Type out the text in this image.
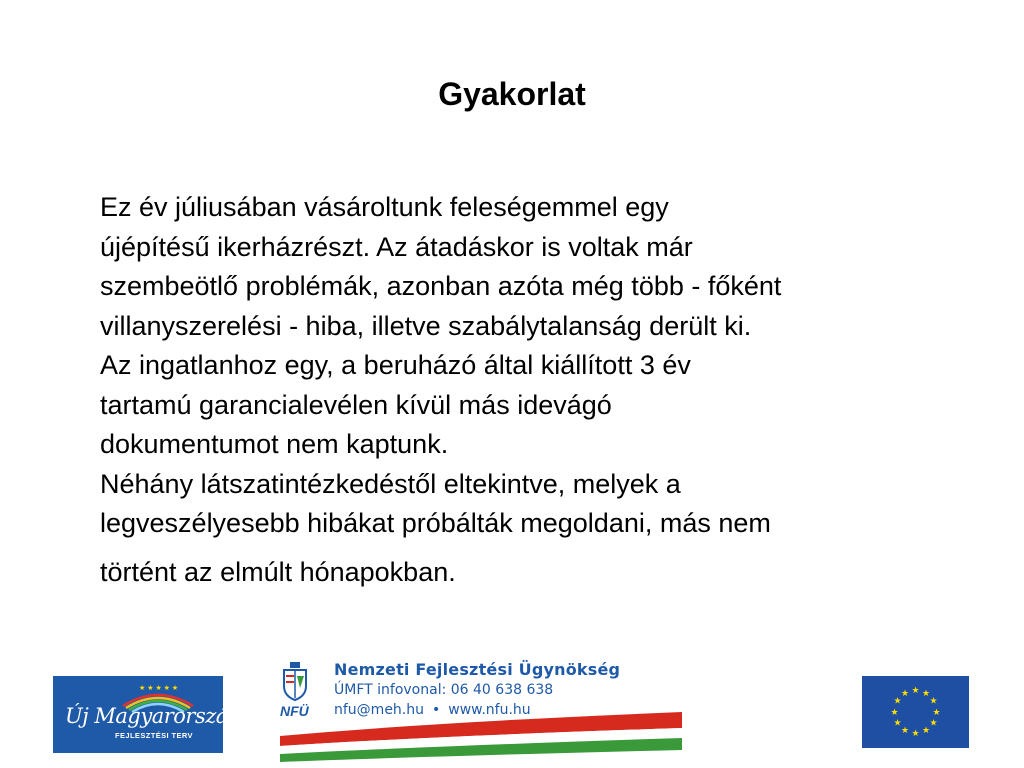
Gyakorlat
Ez év júliusában vásároltunk feleségemmel egy
újépítésű ikerházrészt. Az átadáskor is voltak már
szembeötlő problémák, azonban azóta még több - főként
villanyszerelési - hiba, illetve szabálytalanság derült ki.
Az ingatlanhoz egy, a beruházó által kiállított 3 év
tartamú garancialevélen kívül más idevágó
dokumentumot nem kaptunk.
Néhány látszatintézkedéstől eltekintve, melyek a
legveszélyesebb hibákat próbálták megoldani, más nem
történt az elmúlt hónapokban.
★ ★ ★ ★ ★
Új Magyarország
FEJLESZTÉSI TERV
NFÜ
Nemzeti Fejlesztési Ügynökség
ÚMFT infovonal: 06 40 638 638
nfu@meh.hu • www.nfu.hu
★ ★
★
★
★
★
★
★
★
★
★
★
